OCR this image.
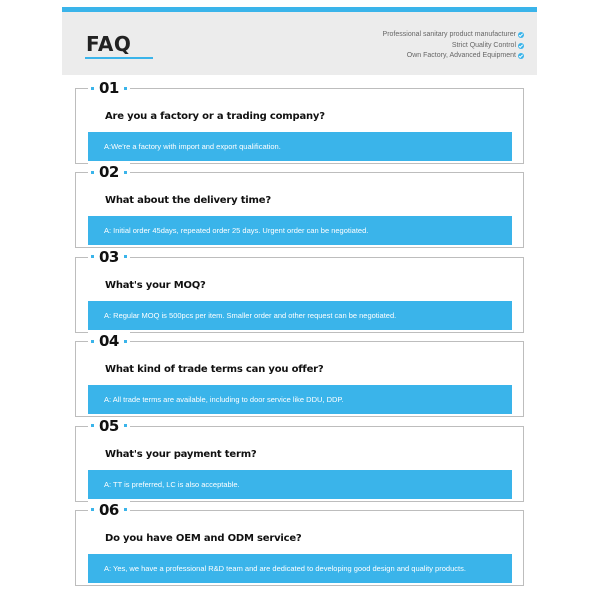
FAQ	Professional sanitary product manufacturer
Strict Quality Control
Own Factory, Advanced Equipment
01
Are you a factory or a trading company?
A:We're a factory with import and export qualification.
02
What about the delivery time?
A: Initial order 45days, repeated order 25 days. Urgent order can be negotiated.
03
What's your MOQ?
A: Regular MOQ is 500pcs per item. Smaller order and other request can be negotiated.
04
What kind of trade terms can you offer?
A: All trade terms are available, including to door service like DDU, DDP.
05
What's your payment term?
A: TT is preferred, LC is also acceptable.
06
Do you have OEM and ODM service?
A: Yes, we have a professional R&D team and are dedicated to developing good design and quality products.
